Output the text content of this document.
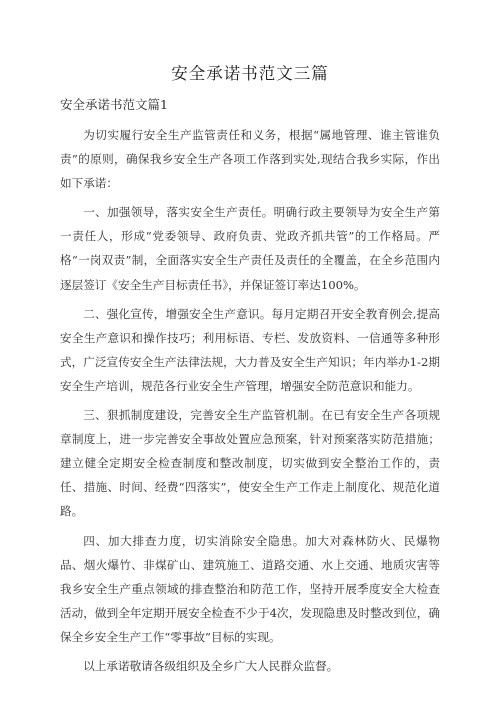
安全承诺书范文三篇
安全承诺书范文篇1

为切实履行安全生产监管责任和义务，根据“属地管理、谁主管谁负责”的原则，确保我乡安全生产各项工作落到实处,现结合我乡实际，作出如下承诺：

一、加强领导，落实安全生产责任。明确行政主要领导为安全生产第一责任人，形成“党委领导、政府负责、党政齐抓共管”的工作格局。严格“一岗双责”制，全面落实安全生产责任及责任的全覆盖，在全乡范围内逐层签订《安全生产目标责任书》，并保证签订率达100%。

二、强化宣传，增强安全生产意识。每月定期召开安全教育例会,提高安全生产意识和操作技巧；利用标语、专栏、发放资料、一信通等多种形式，广泛宣传安全生产法律法规，大力普及安全生产知识；年内举办1-2期安全生产培训，规范各行业安全生产管理，增强安全防范意识和能力。

三、狠抓制度建设，完善安全生产监管机制。在已有安全生产各项规章制度上，进一步完善安全事故处置应急预案，针对预案落实防范措施；建立健全定期安全检查制度和整改制度，切实做到安全整治工作的，责任、措施、时间、经费“四落实”，使安全生产工作走上制度化、规范化道路。

四、加大排查力度，切实消除安全隐患。加大对森林防火、民爆物品、烟火爆竹、非煤矿山、建筑施工、道路交通、水上交通、地质灾害等我乡安全生产重点领域的排查整治和防范工作，坚持开展季度安全大检查活动，做到全年定期开展安全检查不少于4次，发现隐患及时整改到位，确保全乡安全生产工作“零事故”目标的实现。

以上承诺敬请各级组织及全乡广大人民群众监督。
